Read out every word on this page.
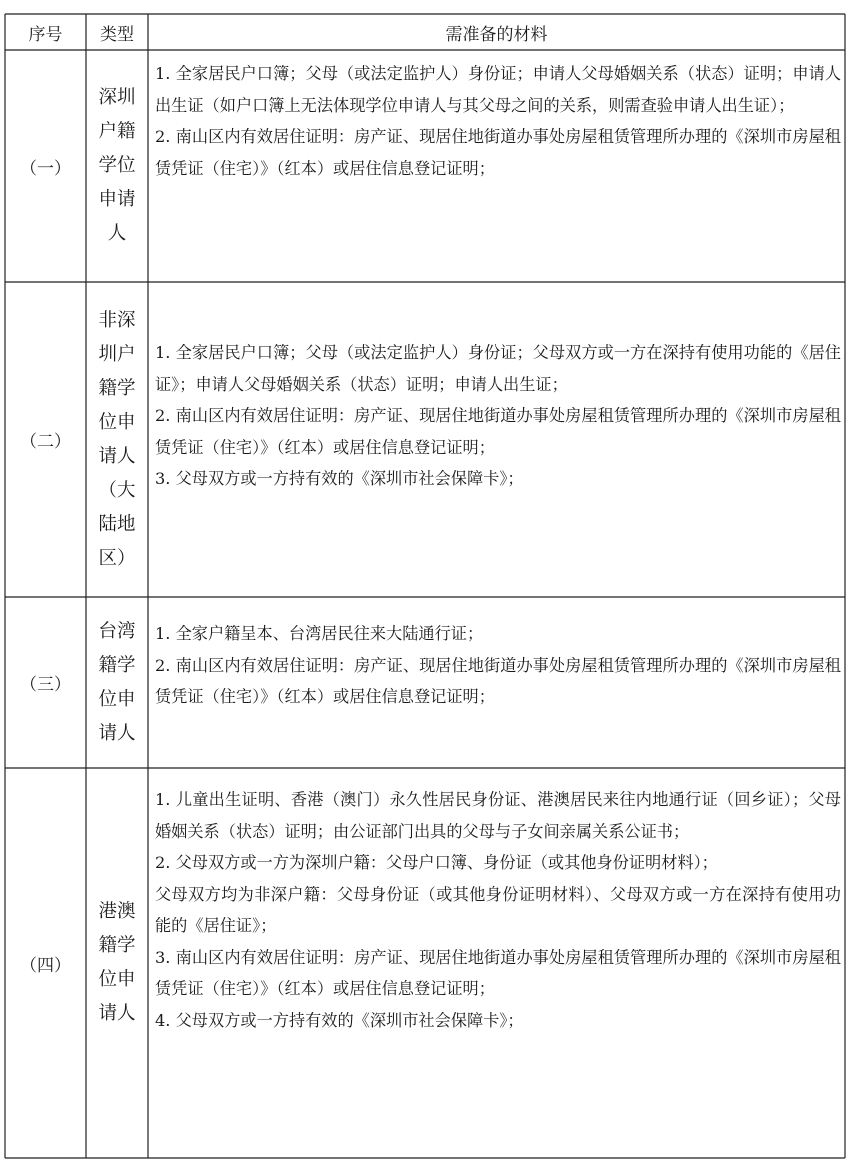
序号	类型	需准备的材料
（一）
深圳户籍学位申请人

1. 全家居民户口簿；父母（或法定监护人）身份证；申请人父母婚姻关系（状态）证明；申请人出生证（如户口簿上无法体现学位申请人与其父母之间的关系，则需查验申请人出生证）；

2. 南山区内有效居住证明：房产证、现居住地街道办事处房屋租赁管理所办理的《深圳市房屋租赁凭证（住宅）》（红本）或居住信息登记证明；

（二）
非深圳户籍学位申请人（大陆地区）

1. 全家居民户口簿；父母（或法定监护人）身份证；父母双方或一方在深持有使用功能的《居住证》；申请人父母婚姻关系（状态）证明；申请人出生证；

2. 南山区内有效居住证明：房产证、现居住地街道办事处房屋租赁管理所办理的《深圳市房屋租赁凭证（住宅）》（红本）或居住信息登记证明；

3. 父母双方或一方持有效的《深圳市社会保障卡》；

（三）
台湾籍学位申请人

1. 全家户籍呈本、台湾居民往来大陆通行证；

2. 南山区内有效居住证明：房产证、现居住地街道办事处房屋租赁管理所办理的《深圳市房屋租赁凭证（住宅）》（红本）或居住信息登记证明；

（四）
港澳籍学位申请人

1. 儿童出生证明、香港（澳门）永久性居民身份证、港澳居民来往内地通行证（回乡证）；父母婚姻关系（状态）证明；由公证部门出具的父母与子女间亲属关系公证书；

2. 父母双方或一方为深圳户籍：父母户口簿、身份证（或其他身份证明材料）；

父母双方均为非深户籍：父母身份证（或其他身份证明材料）、父母双方或一方在深持有使用功能的《居住证》；

3. 南山区内有效居住证明：房产证、现居住地街道办事处房屋租赁管理所办理的《深圳市房屋租赁凭证（住宅）》（红本）或居住信息登记证明；

4. 父母双方或一方持有效的《深圳市社会保障卡》；
